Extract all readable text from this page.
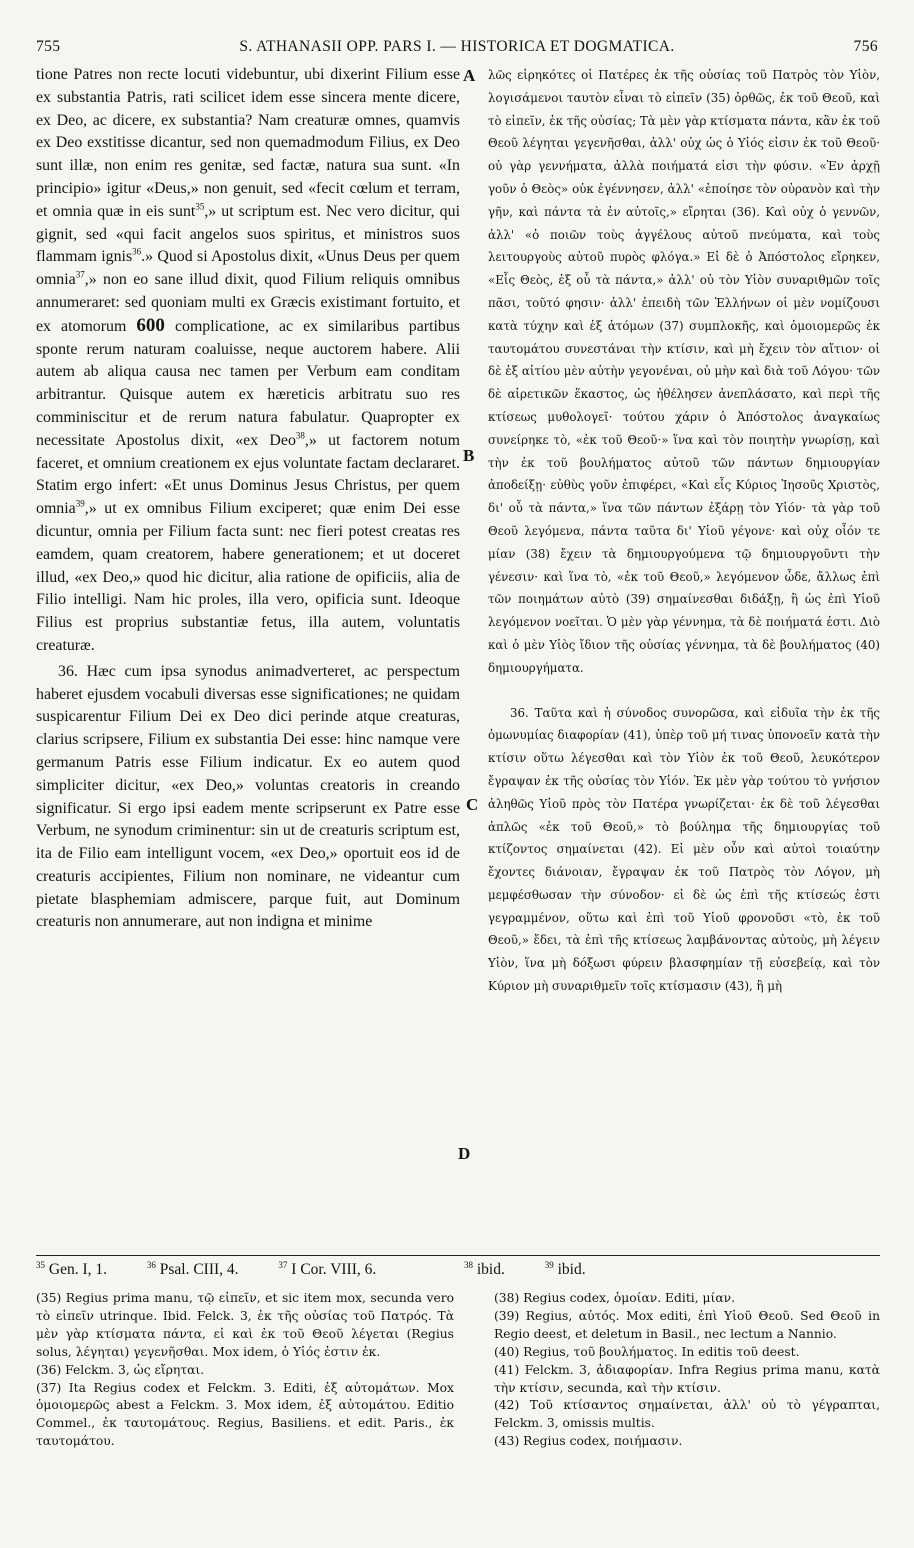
755	S. ATHANASII OPP. PARS I. — HISTORICA ET DOGMATICA.	756

tione Patres non recte locuti videbuntur, ubi dixerint Filium esse ex substantia Patris, rati scilicet idem esse sincera mente dicere, ex Deo, ac dicere, ex substantia? Nam creaturæ omnes, quamvis ex Deo exstitisse dicantur, sed non quemadmodum Filius, ex Deo sunt illæ, non enim res genitæ, sed factæ, natura sua sunt. «In principio» igitur «Deus,» non genuit, sed «fecit cœlum et terram, et omnia quæ in eis sunt$^{35}$,» ut scriptum est. Nec vero dicitur, qui gignit, sed «qui facit angelos suos spiritus, et ministros suos flammam ignis$^{36}$.» Quod si Apostolus dixit, «Unus Deus per quem omnia$^{37}$,» non eo sane illud dixit, quod Filium reliquis omnibus annumeraret: sed quoniam multi ex Græcis existimant fortuito, et ex atomorum 600 complicatione, ac ex similaribus partibus sponte rerum naturam coaluisse, neque auctorem habere. Alii autem ab aliqua causa nec tamen per Verbum eam conditam arbitrantur. Quisque autem ex hæreticis arbitratu suo res comminiscitur et de rerum natura fabulatur. Quapropter ex necessitate Apostolus dixit, «ex Deo$^{38}$,» ut factorem notum faceret, et omnium creationem ex ejus voluntate factam declararet. Statim ergo infert: «Et unus Dominus Jesus Christus, per quem omnia$^{39}$,» ut ex omnibus Filium exciperet; quæ enim Dei esse dicuntur, omnia per Filium facta sunt: nec fieri potest creatas res eamdem, quam creatorem, habere generationem; et ut doceret illud, «ex Deo,» quod hic dicitur, alia ratione de opificiis, alia de Filio intelligi. Nam hic proles, illa vero, opificia sunt. Ideoque Filius est proprius substantiæ fetus, illa autem, voluntatis creaturæ.

36. Hæc cum ipsa synodus animadverteret, ac perspectum haberet ejusdem vocabuli diversas esse significationes; ne quidam suspicarentur Filium Dei ex Deo dici perinde atque creaturas, clarius scripsere, Filium ex substantia Dei esse: hinc namque vere germanum Patris esse Filium indicatur. Ex eo autem quod simpliciter dicitur, «ex Deo,» voluntas creatoris in creando significatur. Si ergo ipsi eadem mente scripserunt ex Patre esse Verbum, ne synodum criminentur: sin ut de creaturis scriptum est, ita de Filio eam intelligunt vocem, «ex Deo,» oportuit eos id de creaturis accipientes, Filium non nominare, ne videantur cum pietate blasphemiam admiscere, parque fuit, aut Dominum creaturis non annumerare, aut non indigna et minime

A
B
C
D

λῶς εἰρηκότες οἱ Πατέρες ἐκ τῆς οὐσίας τοῦ Πατρὸς τὸν Υἱὸν, λογισάμενοι ταυτὸν εἶναι τὸ εἰπεῖν (35) ὀρθῶς, ἐκ τοῦ Θεοῦ, καὶ τὸ εἰπεῖν, ἐκ τῆς οὐσίας; Τὰ μὲν γὰρ κτίσματα πάντα, κἂν ἐκ τοῦ Θεοῦ λέγηται γεγενῆσθαι, ἀλλ' οὐχ ὡς ὁ Υἱός εἰσιν ἐκ τοῦ Θεοῦ· οὐ γὰρ γεννήματα, ἀλλὰ ποιήματά εἰσι τὴν φύσιν. «Ἐν ἀρχῇ γοῦν ὁ Θεὸς» οὐκ ἐγέννησεν, ἀλλ' «ἐποίησε τὸν οὐρανὸν καὶ τὴν γῆν, καὶ πάντα τὰ ἐν αὐτοῖς,» εἴρηται (36). Καὶ οὐχ ὁ γεννῶν, ἀλλ' «ὁ ποιῶν τοὺς ἀγγέλους αὐτοῦ πνεύματα, καὶ τοὺς λειτουργοὺς αὐτοῦ πυρὸς φλόγα.» Εἰ δὲ ὁ Ἀπόστολος εἴρηκεν, «Εἷς Θεὸς, ἐξ οὗ τὰ πάντα,» ἀλλ' οὐ τὸν Υἱὸν συναριθμῶν τοῖς πᾶσι, τοῦτό φησιν· ἀλλ' ἐπειδὴ τῶν Ἑλλήνων οἱ μὲν νομίζουσι κατὰ τύχην καὶ ἐξ ἀτόμων (37) συμπλοκῆς, καὶ ὁμοιομερῶς ἐκ ταυτομάτου συνεστάναι τὴν κτίσιν, καὶ μὴ ἔχειν τὸν αἴτιον· οἱ δὲ ἐξ αἰτίου μὲν αὐτὴν γεγονέναι, οὐ μὴν καὶ διὰ τοῦ Λόγου· τῶν δὲ αἱρετικῶν ἕκαστος, ὡς ἠθέλησεν ἀνεπλάσατο, καὶ περὶ τῆς κτίσεως μυθολογεῖ· τούτου χάριν ὁ Ἀπόστολος ἀναγκαίως συνείρηκε τὸ, «ἐκ τοῦ Θεοῦ·» ἵνα καὶ τὸν ποιητὴν γνωρίσῃ, καὶ τὴν ἐκ τοῦ βουλήματος αὐτοῦ τῶν πάντων δημιουργίαν ἀποδείξῃ· εὐθὺς γοῦν ἐπιφέρει, «Καὶ εἷς Κύριος Ἰησοῦς Χριστὸς, δι' οὗ τὰ πάντα,» ἵνα τῶν πάντων ἐξάρῃ τὸν Υἱόν· τὰ γὰρ τοῦ Θεοῦ λεγόμενα, πάντα ταῦτα δι' Υἱοῦ γέγονε· καὶ οὐχ οἷόν τε μίαν (38) ἔχειν τὰ δημιουργούμενα τῷ δημιουργοῦντι τὴν γένεσιν· καὶ ἵνα τὸ, «ἐκ τοῦ Θεοῦ,» λεγόμενον ὧδε, ἄλλως ἐπὶ τῶν ποιημάτων αὐτὸ (39) σημαίνεσθαι διδάξῃ, ἢ ὡς ἐπὶ Υἱοῦ λεγόμενον νοεῖται. Ὁ μὲν γὰρ γέννημα, τὰ δὲ ποιήματά ἐστι. Διὸ καὶ ὁ μὲν Υἱὸς ἴδιον τῆς οὐσίας γέννημα, τὰ δὲ βουλήματος (40) δημιουργήματα.

36. Ταῦτα καὶ ἡ σύνοδος συνορῶσα, καὶ εἰδυῖα τὴν ἐκ τῆς ὁμωνυμίας διαφορίαν (41), ὑπὲρ τοῦ μή τινας ὑπονοεῖν κατὰ τὴν κτίσιν οὕτω λέγεσθαι καὶ τὸν Υἱὸν ἐκ τοῦ Θεοῦ, λευκότερον ἔγραψαν ἐκ τῆς οὐσίας τὸν Υἱόν. Ἐκ μὲν γὰρ τούτου τὸ γνήσιον ἀληθῶς Υἱοῦ πρὸς τὸν Πατέρα γνωρίζεται· ἐκ δὲ τοῦ λέγεσθαι ἁπλῶς «ἐκ τοῦ Θεοῦ,» τὸ βούλημα τῆς δημιουργίας τοῦ κτίζοντος σημαίνεται (42). Εἰ μὲν οὖν καὶ αὐτοὶ τοιαύτην ἔχοντες διάνοιαν, ἔγραψαν ἐκ τοῦ Πατρὸς τὸν Λόγον, μὴ μεμφέσθωσαν τὴν σύνοδον· εἰ δὲ ὡς ἐπὶ τῆς κτίσεώς ἐστι γεγραμμένον, οὕτω καὶ ἐπὶ τοῦ Υἱοῦ φρονοῦσι «τὸ, ἐκ τοῦ Θεοῦ,» ἔδει, τὰ ἐπὶ τῆς κτίσεως λαμβάνοντας αὐτοὺς, μὴ λέγειν Υἱὸν, ἵνα μὴ δόξωσι φύρειν βλασφημίαν τῇ εὐσεβείᾳ, καὶ τὸν Κύριον μὴ συναριθμεῖν τοῖς κτίσμασιν (43), ἢ μὴ

$^{35}$ Gen. I, 1.	$^{36}$ Psal. CIII, 4.	$^{37}$ I Cor. VIII, 6.	$^{38}$ ibid.	$^{39}$ ibid.

(35) Regius prima manu, τῷ εἰπεῖν, et sic item mox, secunda vero τὸ εἰπεῖν utrinque. Ibid. Felck. 3, ἐκ τῆς οὐσίας τοῦ Πατρός. Τὰ μὲν γὰρ κτίσματα πάντα, εἰ καὶ ἐκ τοῦ Θεοῦ λέγεται (Regius solus, λέγηται) γεγενῆσθαι. Mox idem, ὁ Υἱός ἐστιν ἐκ.

(36) Felckm. 3, ὡς εἴρηται.

(37) Ita Regius codex et Felckm. 3. Editi, ἐξ αὐτομάτων. Mox ὁμοιομερῶς abest a Felckm. 3. Mox idem, ἐξ αὐτομάτου. Editio Commel., ἐκ ταυτομάτους. Regius, Basiliens. et edit. Paris., ἐκ ταυτομάτου.

(38) Regius codex, ὁμοίαν. Editi, μίαν.

(39) Regius, αὐτός. Mox editi, ἐπὶ Υἱοῦ Θεοῦ. Sed Θεοῦ in Regio deest, et deletum in Basil., nec lectum a Nannio.

(40) Regius, τοῦ βουλήματος. In editis τοῦ deest.

(41) Felckm. 3, ἀδιαφορίαν. Infra Regius prima manu, κατὰ τὴν κτίσιν, secunda, καὶ τὴν κτίσιν.

(42) Τοῦ κτίσαντος σημαίνεται, ἀλλ' οὐ τὸ γέγραπται, Felckm. 3, omissis multis.

(43) Regius codex, ποιήμασιν.
